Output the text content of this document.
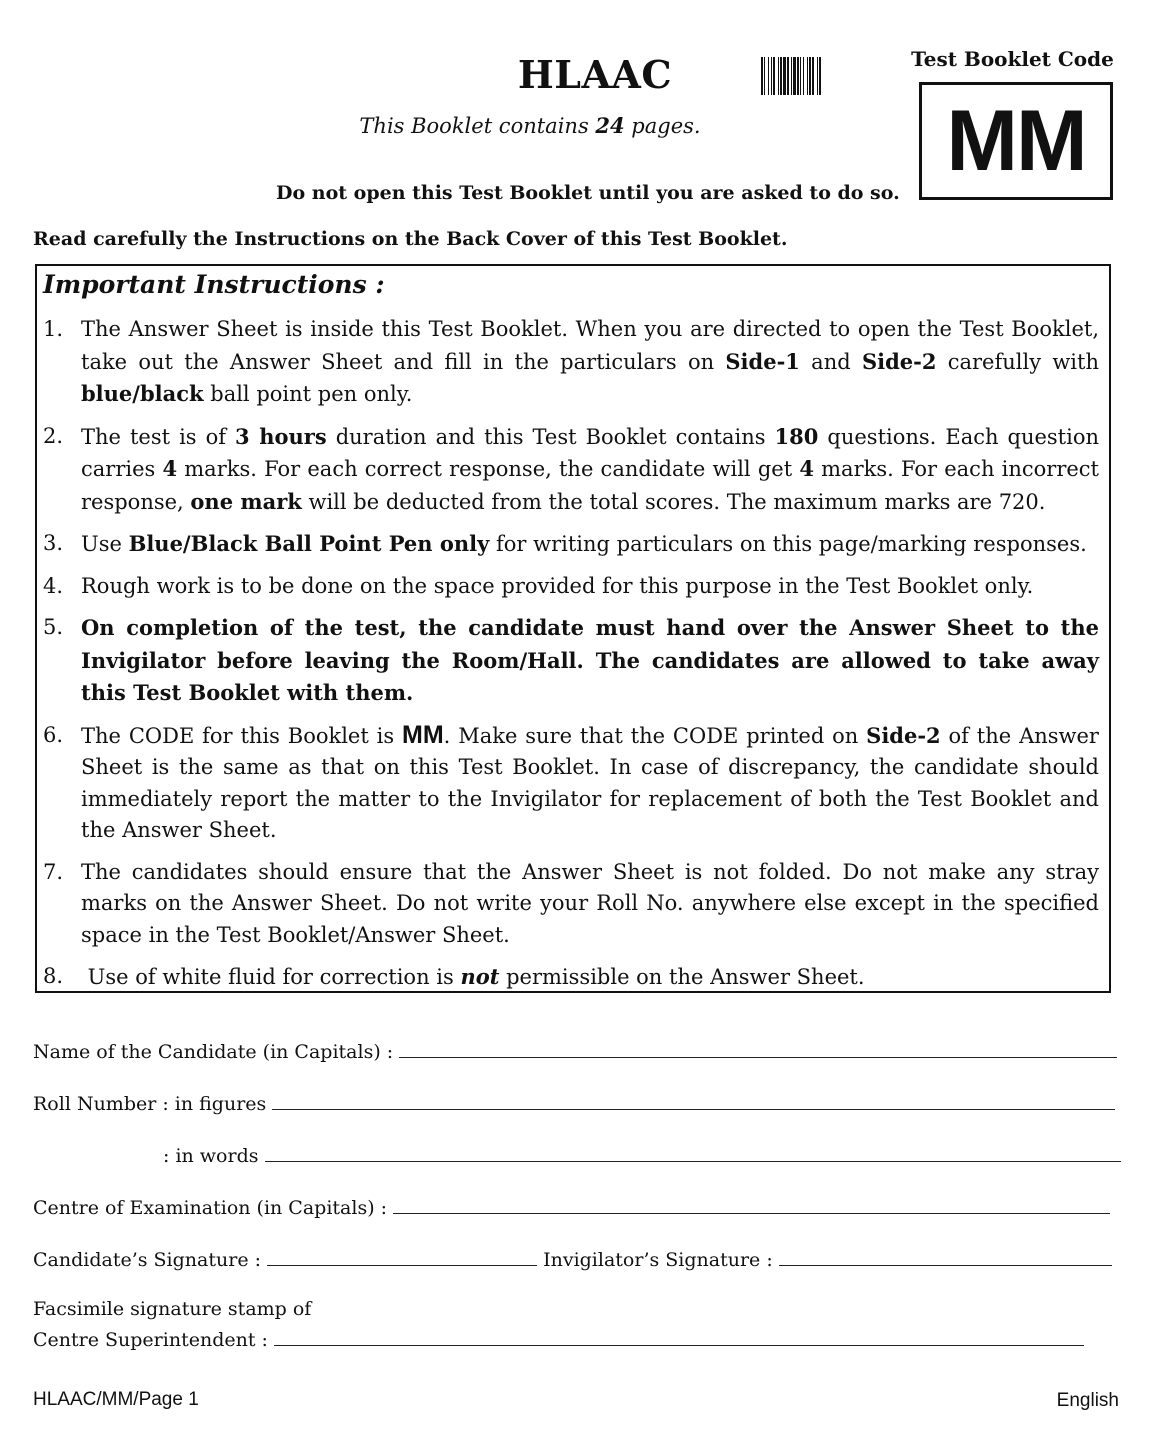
HLAAC	Test Booklet Code
MM
This Booklet contains 24 pages.
Do not open this Test Booklet until you are asked to do so.
Read carefully the Instructions on the Back Cover of this Test Booklet.
Important Instructions :
1. The Answer Sheet is inside this Test Booklet. When you are directed to open the Test Booklet, take out the Answer Sheet and fill in the particulars on Side-1 and Side-2 carefully with blue/black ball point pen only.
2. The test is of 3 hours duration and this Test Booklet contains 180 questions. Each question carries 4 marks. For each correct response, the candidate will get 4 marks. For each incorrect response, one mark will be deducted from the total scores. The maximum marks are 720.
3. Use Blue/Black Ball Point Pen only for writing particulars on this page/marking responses.
4. Rough work is to be done on the space provided for this purpose in the Test Booklet only.
5. On completion of the test, the candidate must hand over the Answer Sheet to the Invigilator before leaving the Room/Hall. The candidates are allowed to take away this Test Booklet with them.
6. The CODE for this Booklet is MM. Make sure that the CODE printed on Side-2 of the Answer Sheet is the same as that on this Test Booklet. In case of discrepancy, the candidate should immediately report the matter to the Invigilator for replacement of both the Test Booklet and the Answer Sheet.
7. The candidates should ensure that the Answer Sheet is not folded. Do not make any stray marks on the Answer Sheet. Do not write your Roll No. anywhere else except in the specified space in the Test Booklet/Answer Sheet.
8. Use of white fluid for correction is not permissible on the Answer Sheet.
Name of the Candidate (in Capitals) :
Roll Number : in figures
: in words
Centre of Examination (in Capitals) :
Candidate’s Signature :	Invigilator’s Signature :
Facsimile signature stamp of
Centre Superintendent :
HLAAC/MM/Page 1	English
